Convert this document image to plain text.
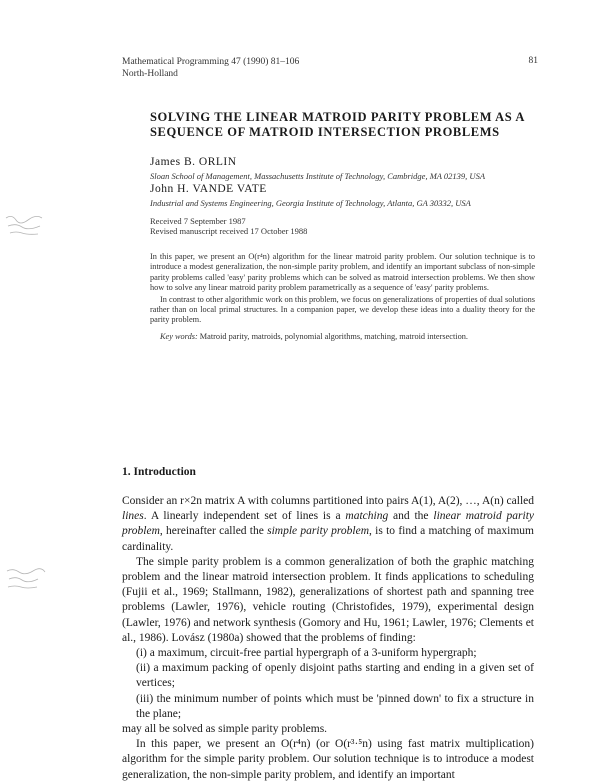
Mathematical Programming 47 (1990) 81–106
North-Holland
81
SOLVING THE LINEAR MATROID PARITY PROBLEM AS A SEQUENCE OF MATROID INTERSECTION PROBLEMS
James B. ORLIN
Sloan School of Management, Massachusetts Institute of Technology, Cambridge, MA 02139, USA
John H. VANDE VATE
Industrial and Systems Engineering, Georgia Institute of Technology, Atlanta, GA 30332, USA
Received 7 September 1987
Revised manuscript received 17 October 1988

In this paper, we present an O(r⁴n) algorithm for the linear matroid parity problem. Our solution technique is to introduce a modest generalization, the non-simple parity problem, and identify an important subclass of non-simple parity problems called 'easy' parity problems which can be solved as matroid intersection problems. We then show how to solve any linear matroid parity problem parametrically as a sequence of 'easy' parity problems.

In contrast to other algorithmic work on this problem, we focus on generalizations of properties of dual solutions rather than on local primal structures. In a companion paper, we develop these ideas into a duality theory for the parity problem.

Key words: Matroid parity, matroids, polynomial algorithms, matching, matroid intersection.

1. Introduction

Consider an r×2n matrix A with columns partitioned into pairs A(1), A(2), …, A(n) called lines. A linearly independent set of lines is a matching and the linear matroid parity problem, hereinafter called the simple parity problem, is to find a matching of maximum cardinality.

The simple parity problem is a common generalization of both the graphic matching problem and the linear matroid intersection problem. It finds applications to scheduling (Fujii et al., 1969; Stallmann, 1982), generalizations of shortest path and spanning tree problems (Lawler, 1976), vehicle routing (Christofides, 1979), experimental design (Lawler, 1976) and network synthesis (Gomory and Hu, 1961; Lawler, 1976; Clements et al., 1986). Lovász (1980a) showed that the problems of finding:

(i) a maximum, circuit-free partial hypergraph of a 3-uniform hypergraph;

(ii) a maximum packing of openly disjoint paths starting and ending in a given set of vertices;

(iii) the minimum number of points which must be 'pinned down' to fix a structure in the plane;

may all be solved as simple parity problems.

In this paper, we present an O(r⁴n) (or O(r³·⁵n) using fast matrix multiplication) algorithm for the simple parity problem. Our solution technique is to introduce a modest generalization, the non-simple parity problem, and identify an important
